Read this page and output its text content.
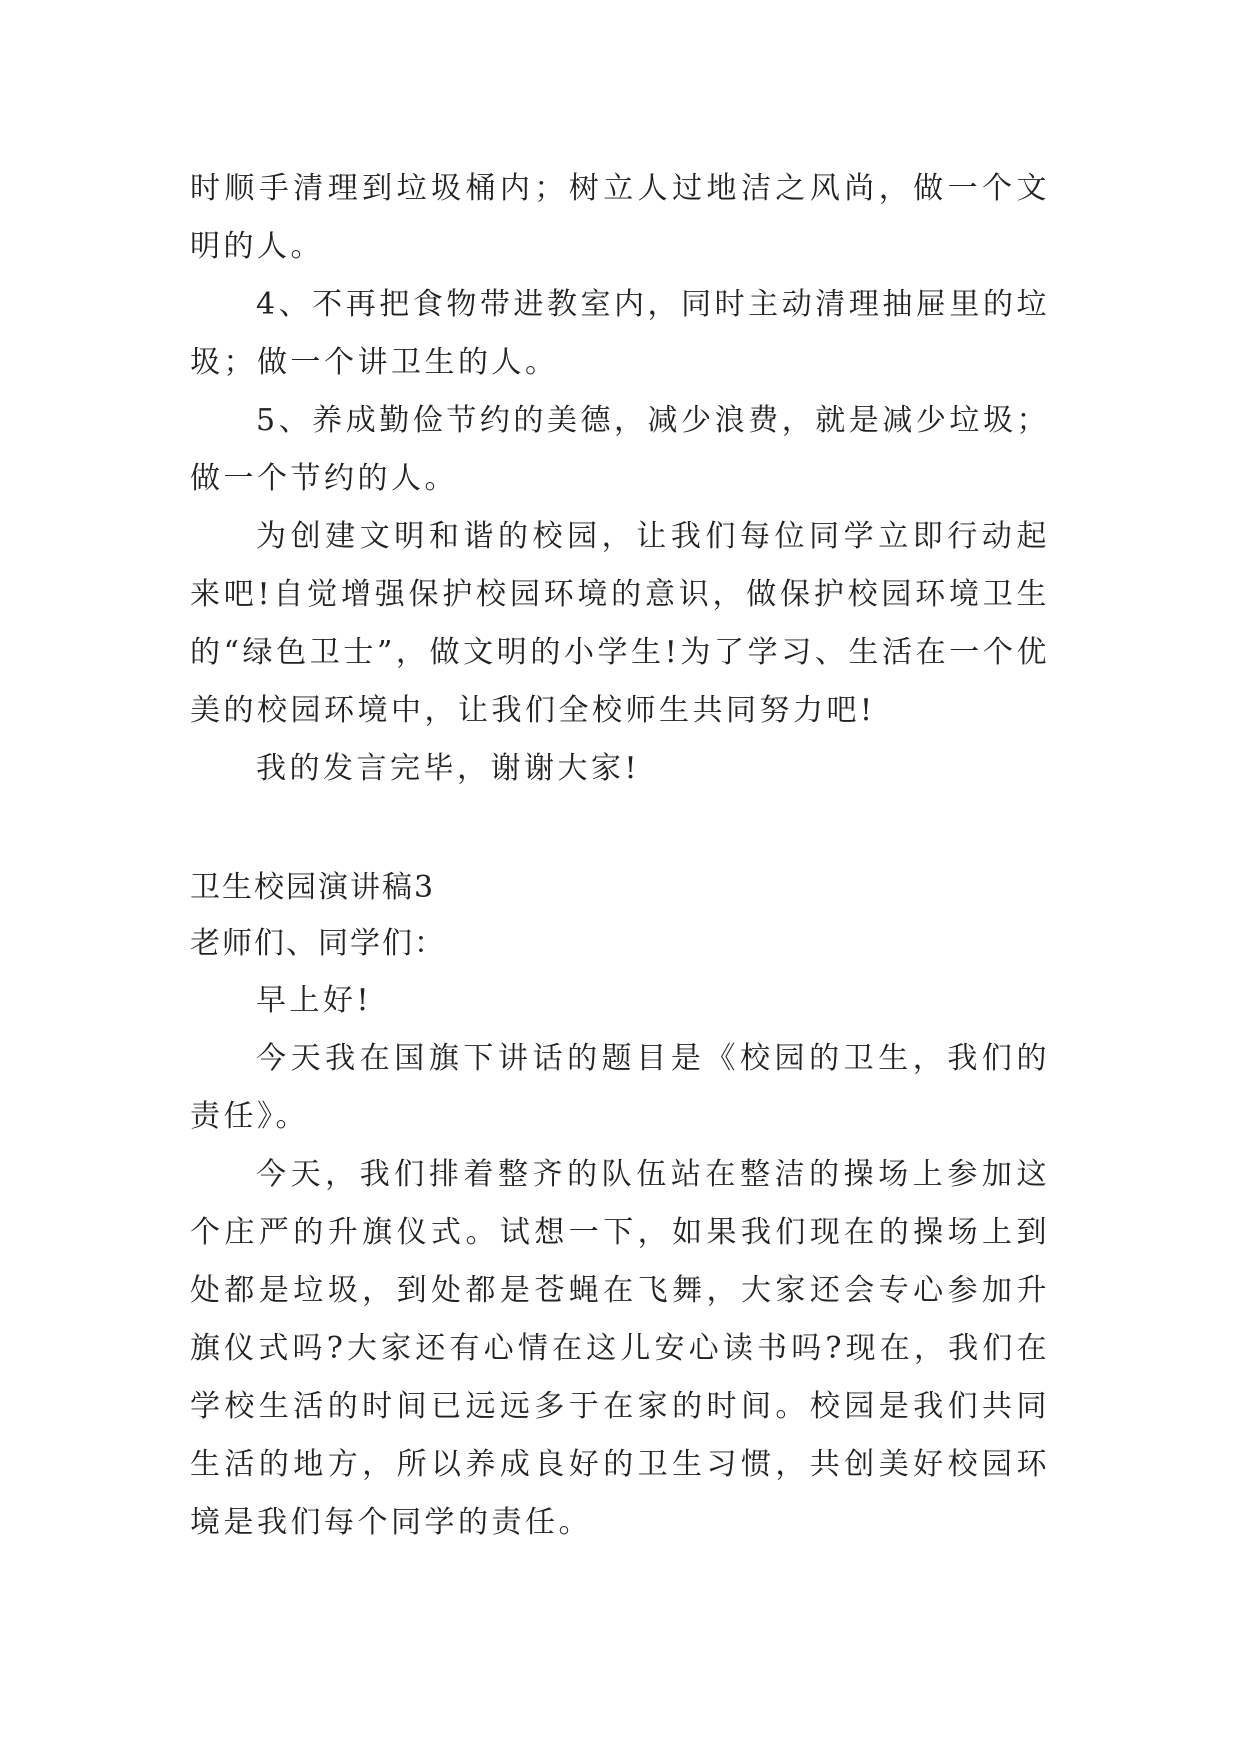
时顺手清理到垃圾桶内；树立人过地洁之风尚，做一个文明的人。

4、不再把食物带进教室内，同时主动清理抽屉里的垃圾；做一个讲卫生的人。

5、养成勤俭节约的美德，减少浪费，就是减少垃圾；做一个节约的人。

为创建文明和谐的校园，让我们每位同学立即行动起来吧!自觉增强保护校园环境的意识，做保护校园环境卫生的“绿色卫士”，做文明的小学生!为了学习、生活在一个优美的校园环境中，让我们全校师生共同努力吧!

我的发言完毕，谢谢大家!

卫生校园演讲稿3

老师们、同学们：

早上好!

今天我在国旗下讲话的题目是《校园的卫生，我们的责任》。

今天，我们排着整齐的队伍站在整洁的操场上参加这个庄严的升旗仪式。试想一下，如果我们现在的操场上到处都是垃圾，到处都是苍蝇在飞舞，大家还会专心参加升旗仪式吗?大家还有心情在这儿安心读书吗?现在，我们在学校生活的时间已远远多于在家的时间。校园是我们共同生活的地方，所以养成良好的卫生习惯，共创美好校园环境是我们每个同学的责任。
